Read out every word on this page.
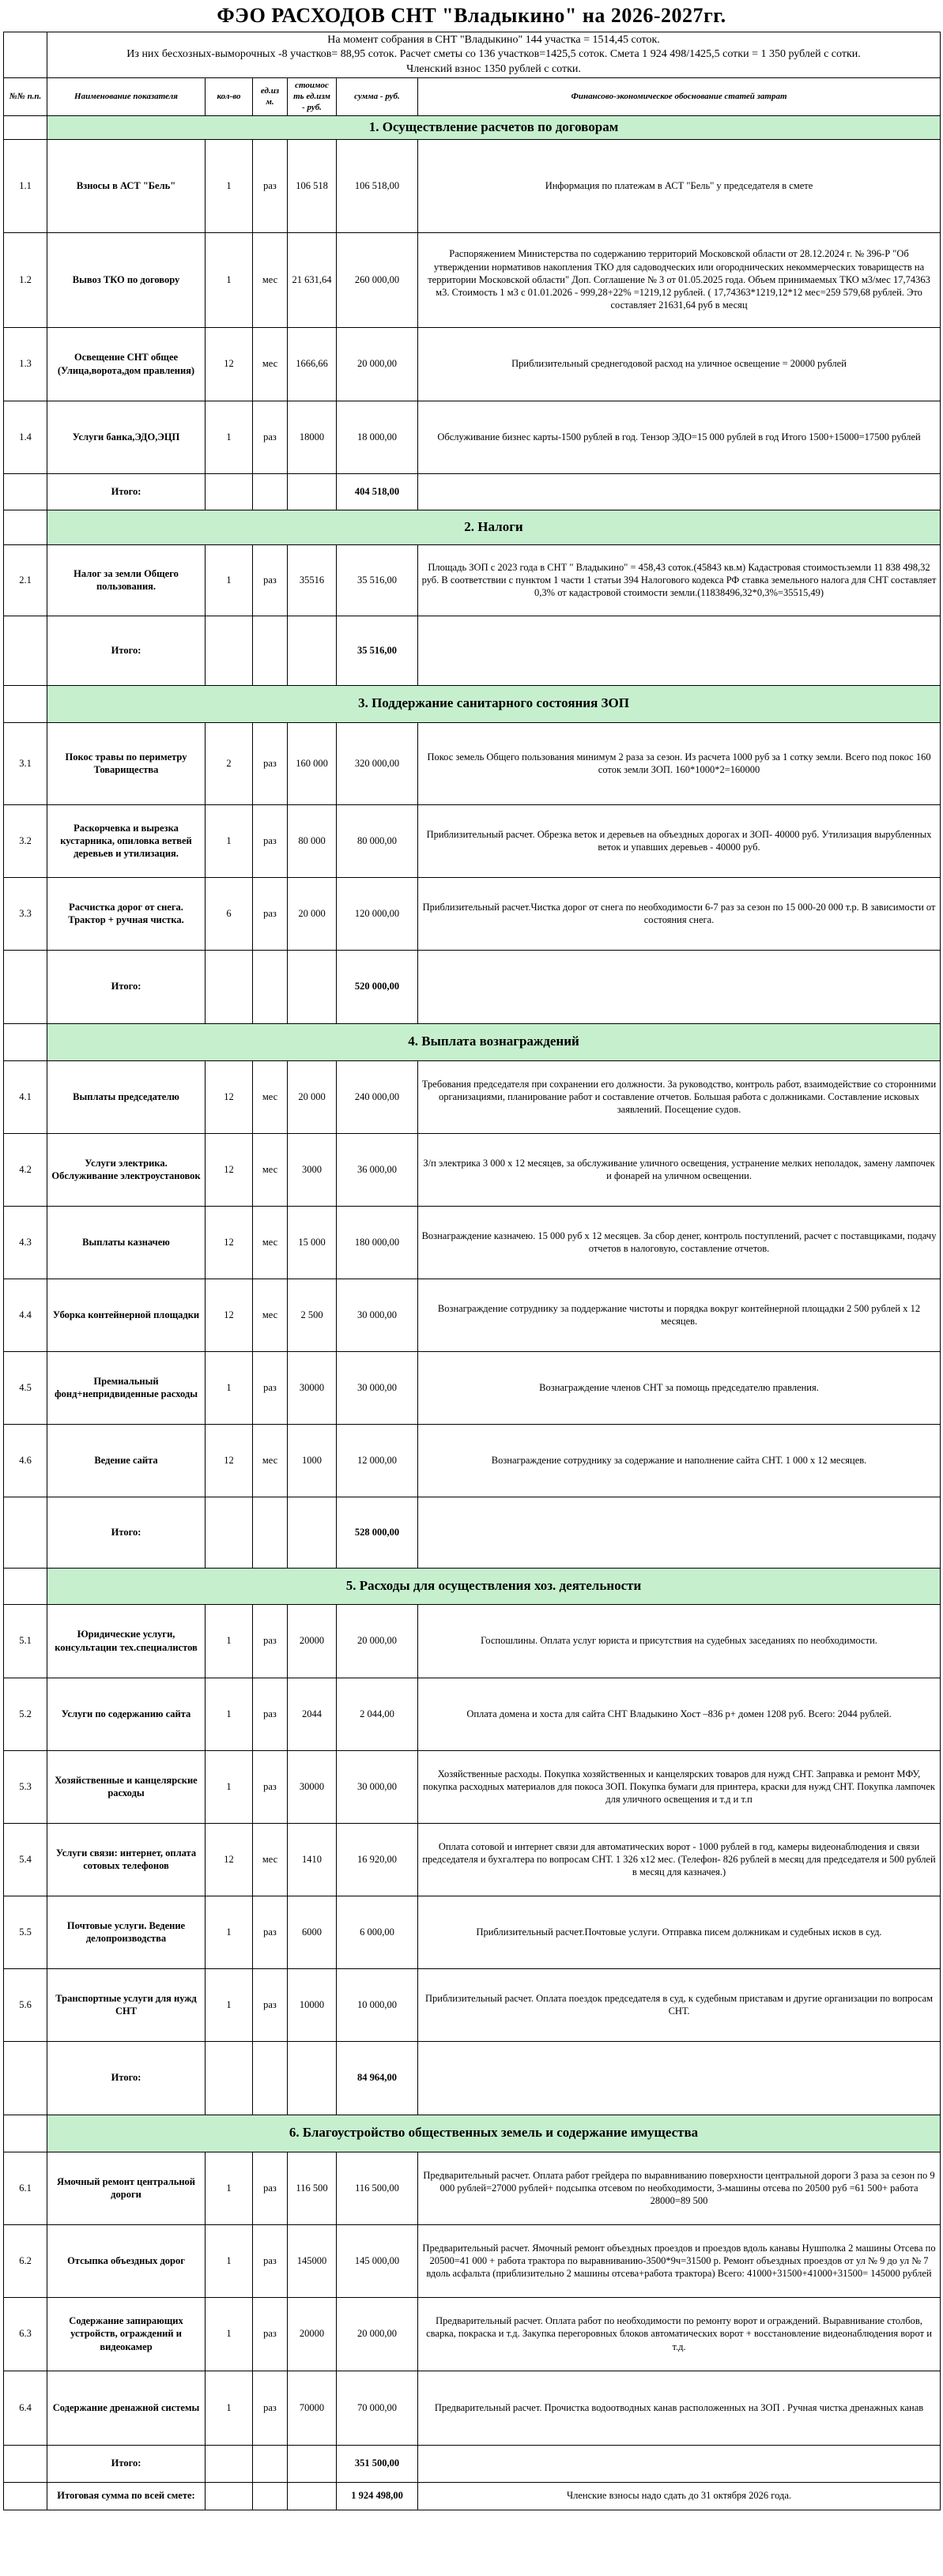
ФЭО РАСХОДОВ СНТ "Владыкино" на 2026-2027гг.

	На момент собрания в СНТ "Владыкино" 144 участка = 1514,45 соток.
Из них бесхозных-выморочных -8 участков= 88,95 соток. Расчет сметы со 136 участков=1425,5 соток. Смета 1 924 498/1425,5 сотки = 1 350 рублей с сотки.
Членский взнос 1350 рублей с сотки.					

№№ п.п.	Наименование показателя	кол-во	ед.из м.	стоимос ть ед.изм - руб.	сумма - руб.	Финансово-экономическое обоснование статей затрат
	1. Осуществление расчетов по договорам					
1.1	Взносы в АСТ "Бель"	1	раз	106 518	106 518,00	Информация по платежам в АСТ "Бель" у председателя в смете
1.2	Вывоз ТКО по договору	1	мес	21 631,64	260 000,00	Распоряжением Министерства по содержанию территорий Московской области от 28.12.2024 г. № 396-Р "Об утверждении нормативов накопления ТКО для садоводческих или огороднических некоммерческих товариществ на территории Московской области" Доп. Соглашение № 3 от 01.05.2025 года. Объем принимаемых ТКО м3/мес 17,74363 м3. Стоимость 1 м3 с 01.01.2026 - 999,28+22% =1219,12 рублей. ( 17,74363*1219,12*12 мес=259 579,68 рублей. Это составляет 21631,64 руб в месяц
1.3	Освещение СНТ общее (Улица,ворота,дом правления)	12	мес	1666,66	20 000,00	Приблизительный среднегодовой расход на уличное освещение = 20000 рублей
1.4	Услуги банка,ЭДО,ЭЦП	1	раз	18000	18 000,00	Обслуживание бизнес карты-1500 рублей в год. Тензор ЭДО=15 000 рублей в год Итого 1500+15000=17500 рублей
	Итого:				404 518,00	
	2. Налоги					
2.1	Налог за земли Общего пользования.	1	раз	35516	35 516,00	Площадь ЗОП с 2023 года в СНТ " Владыкино" = 458,43 соток.(45843 кв.м) Кадастровая стоимостьземли 11 838 498,32 руб. В соответствии с пунктом 1 части 1 статьи 394 Налогового кодекса РФ ставка земельного налога для СНТ составляет 0,3% от кадастровой стоимости земли.(11838496,32*0,3%=35515,49)
	Итого:				35 516,00	
	3. Поддержание санитарного состояния ЗОП					
3.1	Покос травы по периметру Товарищества	2	раз	160 000	320 000,00	Покос земель Общего пользования минимум 2 раза за сезон. Из расчета 1000 руб за 1 сотку земли. Всего под покос 160 соток земли ЗОП. 160*1000*2=160000
3.2	Раскорчевка и вырезка кустарника, опиловка ветвей деревьев и утилизация.	1	раз	80 000	80 000,00	Приблизительный расчет. Обрезка веток и деревьев на объездных дорогах и ЗОП- 40000 руб. Утилизация вырубленных веток и упавших деревьев - 40000 руб.
3.3	Расчистка дорог от снега. Трактор + ручная чистка.	6	раз	20 000	120 000,00	Приблизительный расчет.Чистка дорог от снега по необходимости 6-7 раз за сезон по 15 000-20 000 т.р. В зависимости от состояния снега.
	Итого:				520 000,00	
	4. Выплата вознаграждений					
4.1	Выплаты председателю	12	мес	20 000	240 000,00	Требования председателя при сохранении его должности. За руководство, контроль работ, взаимодействие со сторонними организациями, планирование работ и составление отчетов. Большая работа с должниками. Составление исковых заявлений. Посещение судов.
4.2	Услуги электрика. Обслуживание электроустановок	12	мес	3000	36 000,00	З/п электрика 3 000 х 12 месяцев, за обслуживание уличного освещения, устранение мелких неполадок, замену лампочек и фонарей на уличном освещении.
4.3	Выплаты казначею	12	мес	15 000	180 000,00	Вознаграждение казначею. 15 000 руб х 12 месяцев. За сбор денег, контроль поступлений, расчет с поставщиками, подачу отчетов в налоговую, составление отчетов.
4.4	Уборка контейнерной площадки	12	мес	2 500	30 000,00	Вознаграждение сотруднику за поддержание чистоты и порядка вокруг контейнерной площадки 2 500 рублей х 12 месяцев.
4.5	Премиальный фонд+непридвиденные расходы	1	раз	30000	30 000,00	Вознаграждение членов СНТ за помощь председателю правления.
4.6	Ведение сайта	12	мес	1000	12 000,00	Вознаграждение сотруднику за содержание и наполнение сайта СНТ. 1 000 х 12 месяцев.
	Итого:				528 000,00	
	5. Расходы для осуществления хоз. деятельности					
5.1	Юридические услуги, консультации тех.специалистов	1	раз	20000	20 000,00	Госпошлины. Оплата услуг юриста и присутствия на судебных заседаниях по необходимости.
5.2	Услуги по содержанию сайта	1	раз	2044	2 044,00	Оплата домена и хоста для сайта СНТ Владыкино Хост –836 р+ домен 1208 руб. Всего: 2044 рублей.
5.3	Хозяйственные и канцелярские расходы	1	раз	30000	30 000,00	Хозяйственные расходы. Покупка хозяйственных и канцелярских товаров для нужд СНТ. Заправка и ремонт МФУ, покупка расходных материалов для покоса ЗОП. Покупка бумаги для принтера, краски для нужд СНТ. Покупка лампочек для уличного освещения и т.д и т.п
5.4	Услуги связи: интернет, оплата сотовых телефонов	12	мес	1410	16 920,00	Оплата сотовой и интернет связи для автоматических ворот - 1000 рублей в год, камеры видеонаблюдения и связи председателя и бухгалтера по вопросам СНТ. 1 326 х12 мес. (Телефон- 826 рублей в месяц для председателя и 500 рублей в месяц для казначея.)
5.5	Почтовые услуги. Ведение делопроизводства	1	раз	6000	6 000,00	Приблизительный расчет.Почтовые услуги. Отправка писем должникам и судебных исков в суд.
5.6	Транспортные услуги для нужд СНТ	1	раз	10000	10 000,00	Приблизительный расчет. Оплата поездок председателя в суд, к судебным приставам и другие организации по вопросам СНТ.
	Итого:				84 964,00	
	6. Благоустройство общественных земель и содержание имущества					
6.1	Ямочный ремонт центральной дороги	1	раз	116 500	116 500,00	Предварительный расчет. Оплата работ грейдера по выравниванию поверхности центральной дороги 3 раза за сезон по 9 000 рублей=27000 рублей+ подсыпка отсевом по необходимости, 3-машины отсева по 20500 руб =61 500+ работа 28000=89 500
6.2	Отсыпка объездных дорог	1	раз	145000	145 000,00	Предварительный расчет. Ямочный ремонт объездных проездов и проездов вдоль канавы Нушполка 2 машины Отсева по 20500=41 000 + работа трактора по выравниванию-3500*9ч=31500 р. Ремонт объездных проездов от ул № 9 до ул № 7 вдоль асфальта (приблизительно 2 машины отсева+работа трактора) Всего: 41000+31500+41000+31500= 145000 рублей
6.3	Содержание запирающих устройств, ограждений и видеокамер	1	раз	20000	20 000,00	Предварительный расчет. Оплата работ по необходимости по ремонту ворот и ограждений. Выравнивание столбов, сварка, покраска и т.д. Закупка перегоровных блоков автоматических ворот + восстановление видеонаблюдения ворот и т.д.
6.4	Содержание дренажной системы	1	раз	70000	70 000,00	Предварительный расчет. Прочистка водоотводных канав расположенных на ЗОП . Ручная чистка дренажных канав
	Итого:				351 500,00	
	Итоговая сумма по всей смете:				1 924 498,00	Членские взносы надо сдать до 31 октября 2026 года.
